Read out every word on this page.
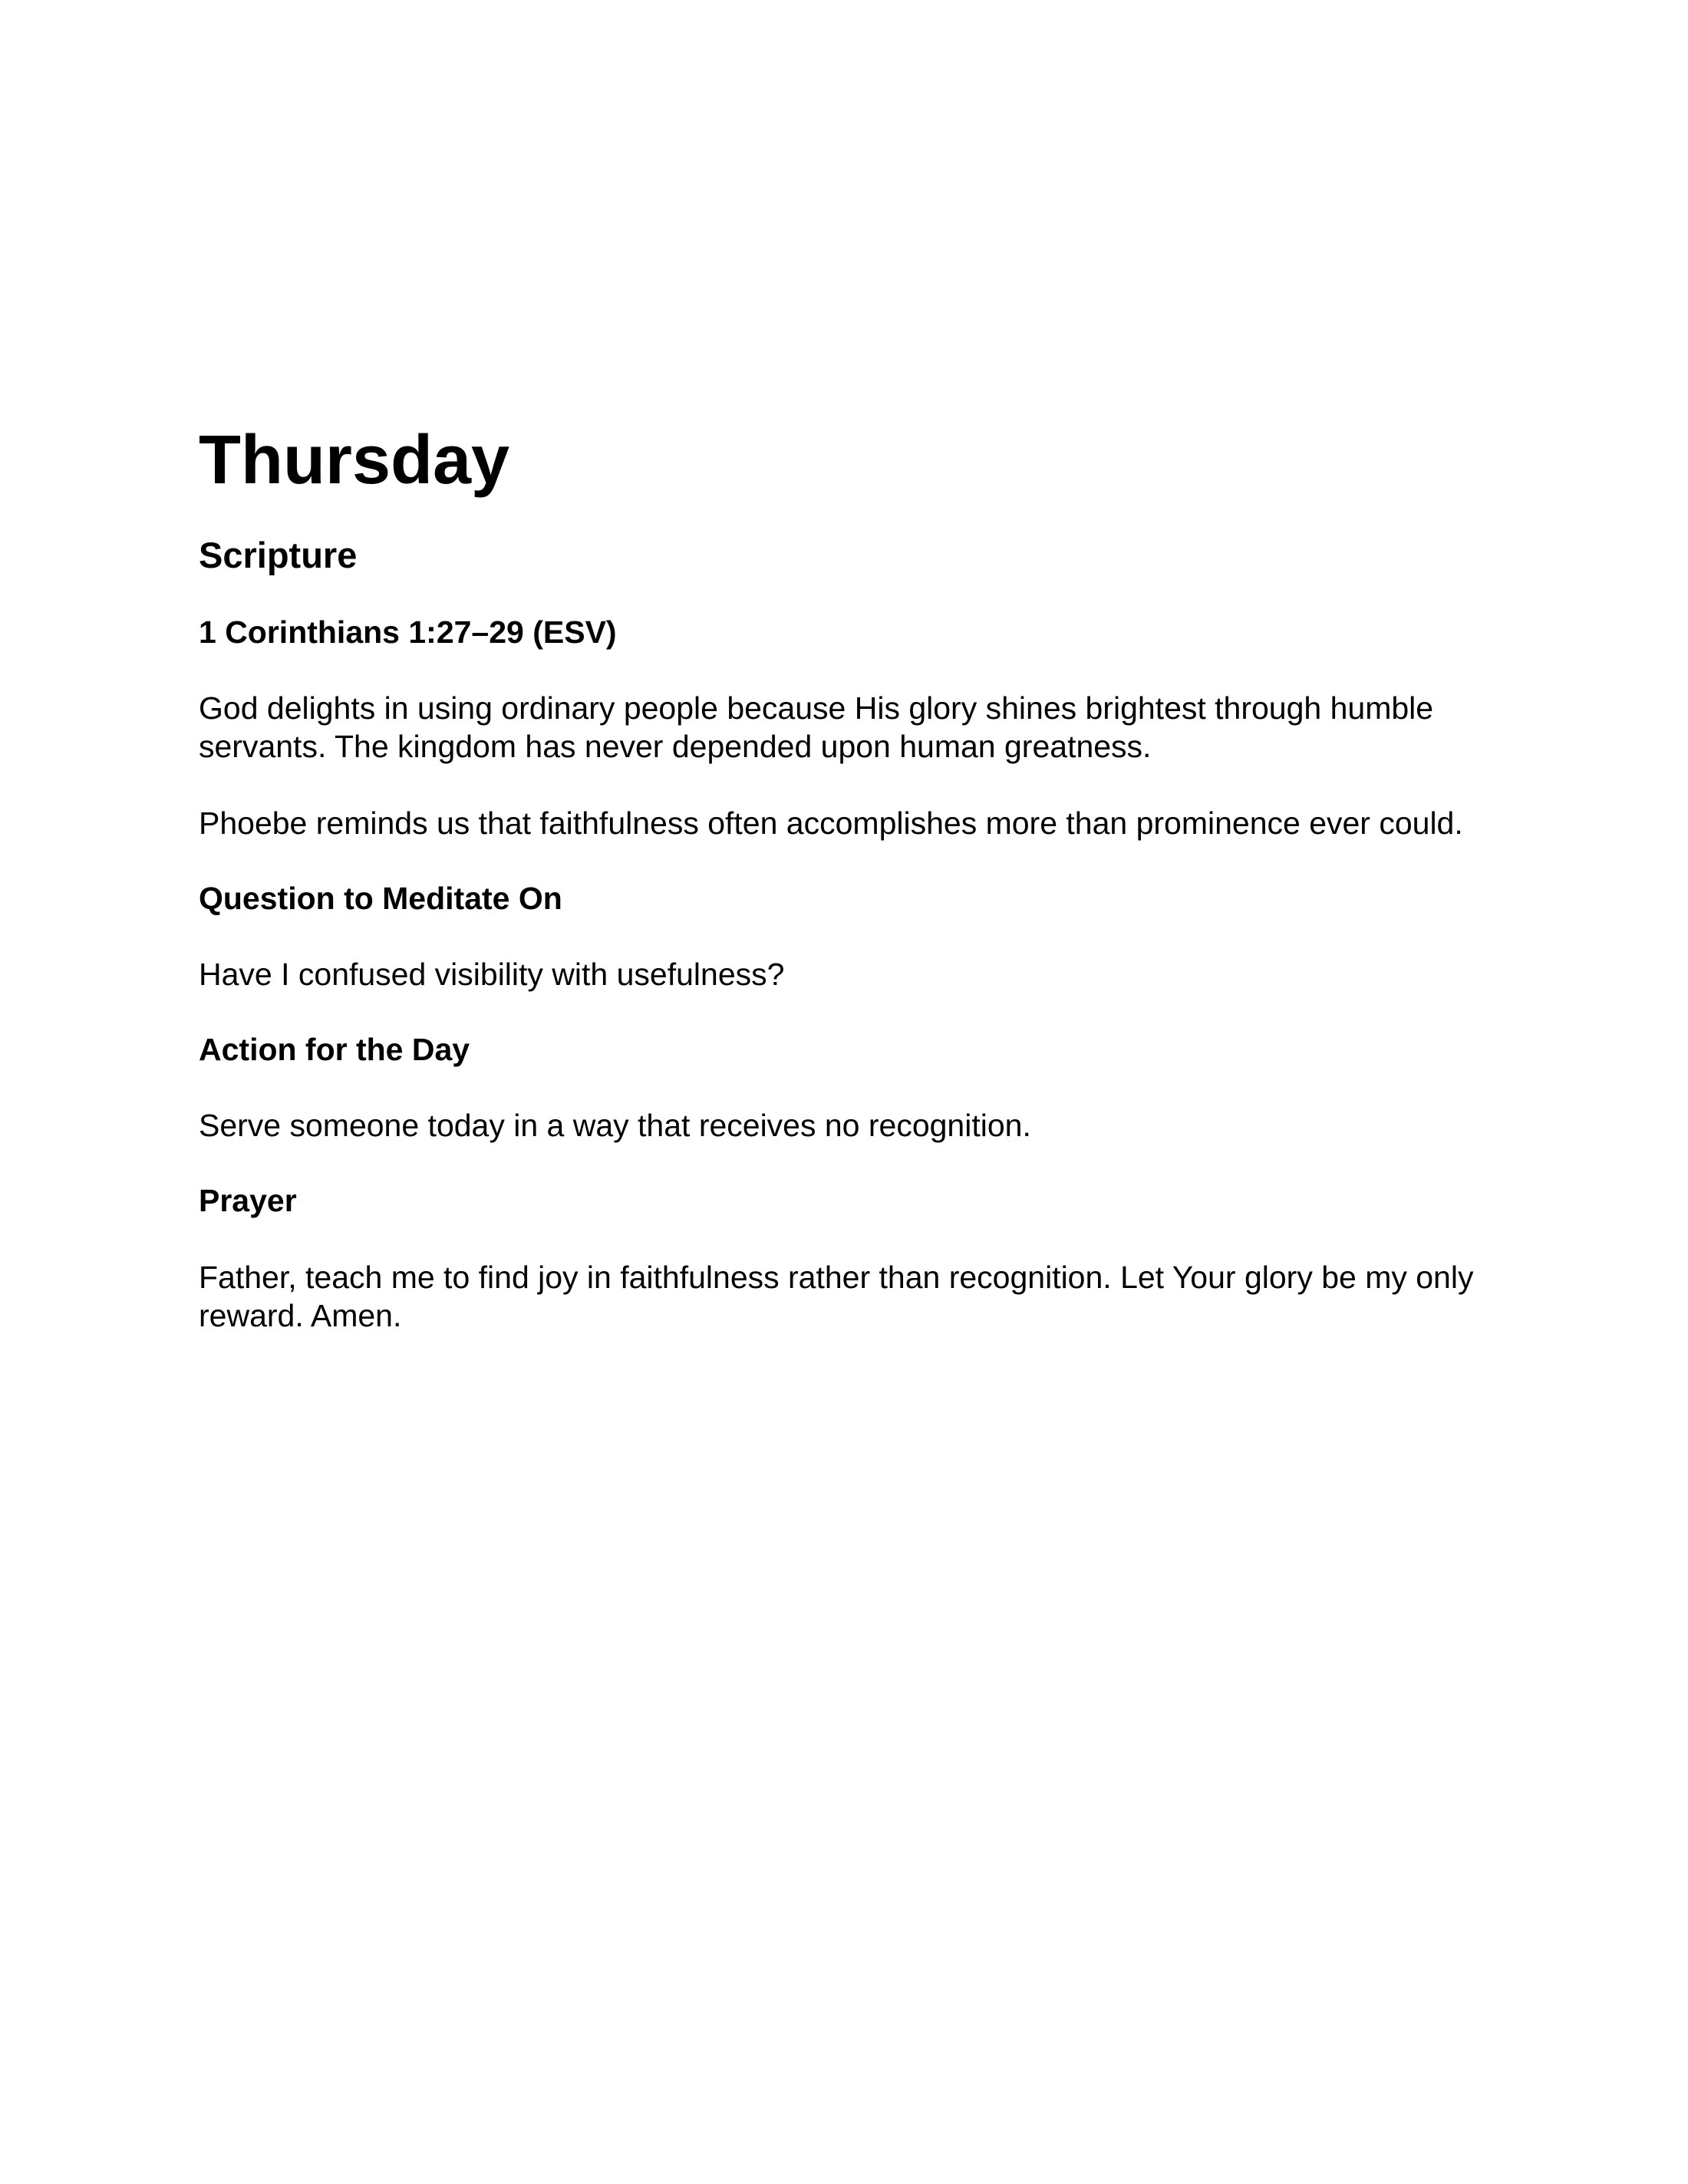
Thursday
Scripture
1 Corinthians 1:27–29 (ESV)

God delights in using ordinary people because His glory shines brightest through humble servants. The kingdom has never depended upon human greatness.

Phoebe reminds us that faithfulness often accomplishes more than prominence ever could.

Question to Meditate On

Have I confused visibility with usefulness?

Action for the Day

Serve someone today in a way that receives no recognition.

Prayer

Father, teach me to find joy in faithfulness rather than recognition. Let Your glory be my only reward. Amen.
